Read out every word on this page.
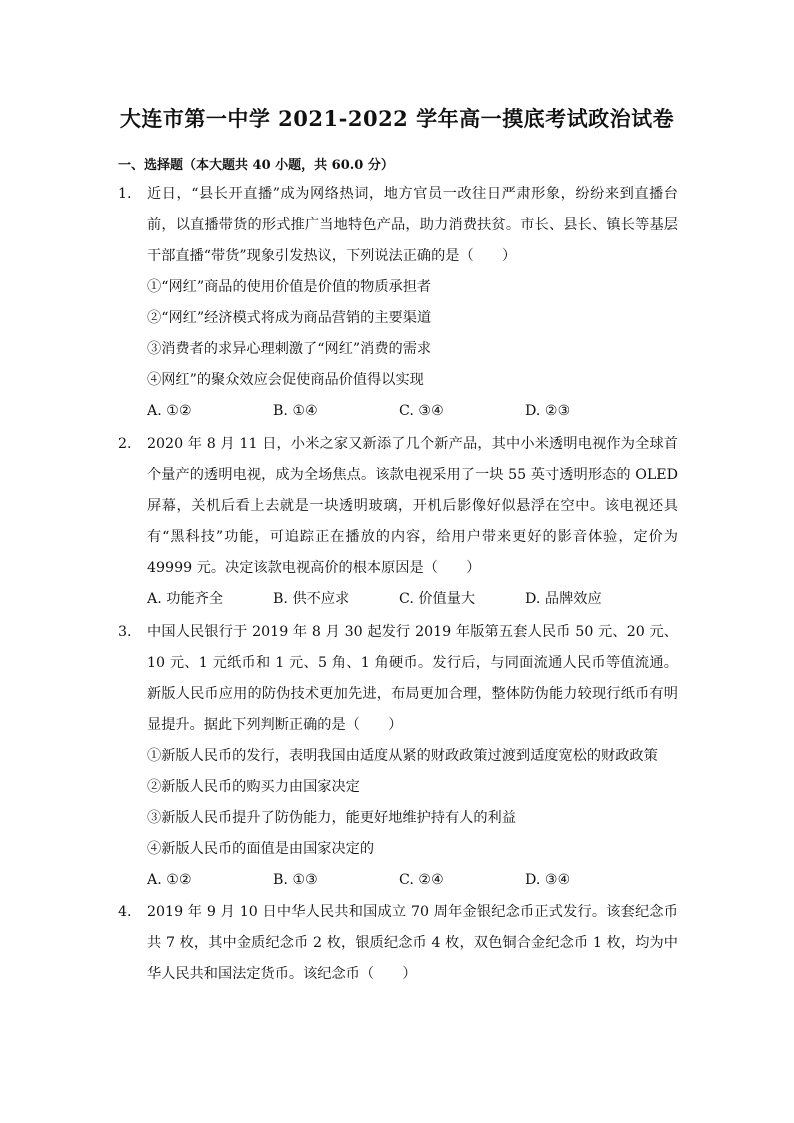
大连市第一中学 2021-2022 学年高一摸底考试政治试卷
一、选择题（本大题共 40 小题，共 60.0 分）
1.	近日，“县长开直播”成为网络热词，地方官员一改往日严肃形象，纷纷来到直播台前，以直播带货的形式推广当地特色产品，助力消费扶贫。市长、县长、镇长等基层干部直播“带货”现象引发热议，下列说法正确的是（　　）
①“网红”商品的使用价值是价值的物质承担者
②“网红”经济模式将成为商品营销的主要渠道
③消费者的求异心理刺激了“网红”消费的需求
④网红”的聚众效应会促使商品价值得以实现
A. ①②	B. ①④	C. ③④	D. ②③
2.	2020 年 8 月 11 日，小米之家又新添了几个新产品，其中小米透明电视作为全球首个量产的透明电视，成为全场焦点。该款电视采用了一块 55 英寸透明形态的 OLED 屏幕，关机后看上去就是一块透明玻璃，开机后影像好似悬浮在空中。该电视还具有“黑科技”功能，可追踪正在播放的内容，给用户带来更好的影音体验，定价为 49999 元。决定该款电视高价的根本原因是（　　）
A. 功能齐全	B. 供不应求	C. 价值量大	D. 品牌效应
3.	中国人民银行于 2019 年 8 月 30 起发行 2019 年版第五套人民币 50 元、20 元、10 元、1 元纸币和 1 元、5 角、1 角硬币。发行后，与同面流通人民币等值流通。新版人民币应用的防伪技术更加先进，布局更加合理，整体防伪能力较现行纸币有明显提升。据此下列判断正确的是（　　）
①新版人民币的发行，表明我国由适度从紧的财政政策过渡到适度宽松的财政政策
②新版人民币的购买力由国家决定
③新版人民币提升了防伪能力，能更好地维护持有人的利益
④新版人民币的面值是由国家决定的
A. ①②	B. ①③	C. ②④	D. ③④
4.	2019 年 9 月 10 日中华人民共和国成立 70 周年金银纪念币正式发行。该套纪念币共 7 枚，其中金质纪念币 2 枚，银质纪念币 4 枚，双色铜合金纪念币 1 枚，均为中华人民共和国法定货币。该纪念币（　　）
